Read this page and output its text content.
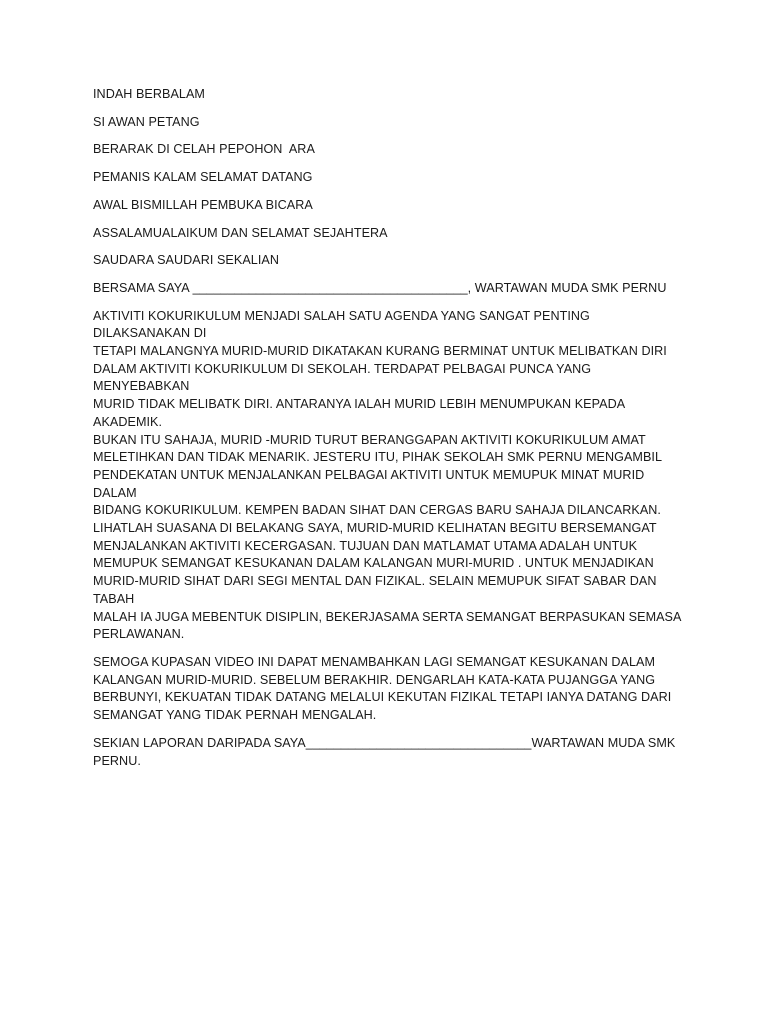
INDAH BERBALAM
SI AWAN PETANG
BERARAK DI CELAH PEPOHON  ARA
PEMANIS KALAM SELAMAT DATANG
AWAL BISMILLAH PEMBUKA BICARA
ASSALAMUALAIKUM DAN SELAMAT SEJAHTERA
SAUDARA SAUDARI SEKALIAN
BERSAMA SAYA _______________________________________, WARTAWAN MUDA SMK PERNU
AKTIVITI KOKURIKULUM MENJADI SALAH SATU AGENDA YANG SANGAT PENTING DILAKSANAKAN DI
TETAPI MALANGNYA MURID-MURID DIKATAKAN KURANG BERMINAT UNTUK MELIBATKAN DIRI
DALAM AKTIVITI KOKURIKULUM DI SEKOLAH. TERDAPAT PELBAGAI PUNCA YANG MENYEBABKAN
MURID TIDAK MELIBATK DIRI. ANTARANYA IALAH MURID LEBIH MENUMPUKAN KEPADA AKADEMIK.
BUKAN ITU SAHAJA, MURID -MURID TURUT BERANGGAPAN AKTIVITI KOKURIKULUM AMAT
MELETIHKAN DAN TIDAK MENARIK. JESTERU ITU, PIHAK SEKOLAH SMK PERNU MENGAMBIL
PENDEKATAN UNTUK MENJALANKAN PELBAGAI AKTIVITI UNTUK MEMUPUK MINAT MURID DALAM
BIDANG KOKURIKULUM. KEMPEN BADAN SIHAT DAN CERGAS BARU SAHAJA DILANCARKAN.
LIHATLAH SUASANA DI BELAKANG SAYA, MURID-MURID KELIHATAN BEGITU BERSEMANGAT
MENJALANKAN AKTIVITI KECERGASAN. TUJUAN DAN MATLAMAT UTAMA ADALAH UNTUK
MEMUPUK SEMANGAT KESUKANAN DALAM KALANGAN MURI-MURID . UNTUK MENJADIKAN
MURID-MURID SIHAT DARI SEGI MENTAL DAN FIZIKAL. SELAIN MEMUPUK SIFAT SABAR DAN TABAH
MALAH IA JUGA MEBENTUK DISIPLIN, BEKERJASAMA SERTA SEMANGAT BERPASUKAN SEMASA
PERLAWANAN.
SEMOGA KUPASAN VIDEO INI DAPAT MENAMBAHKAN LAGI SEMANGAT KESUKANAN DALAM
KALANGAN MURID-MURID. SEBELUM BERAKHIR. DENGARLAH KATA-KATA PUJANGGA YANG
BERBUNYI, KEKUATAN TIDAK DATANG MELALUI KEKUTAN FIZIKAL TETAPI IANYA DATANG DARI
SEMANGAT YANG TIDAK PERNAH MENGALAH.
SEKIAN LAPORAN DARIPADA SAYA________________________________WARTAWAN MUDA SMK
PERNU.
